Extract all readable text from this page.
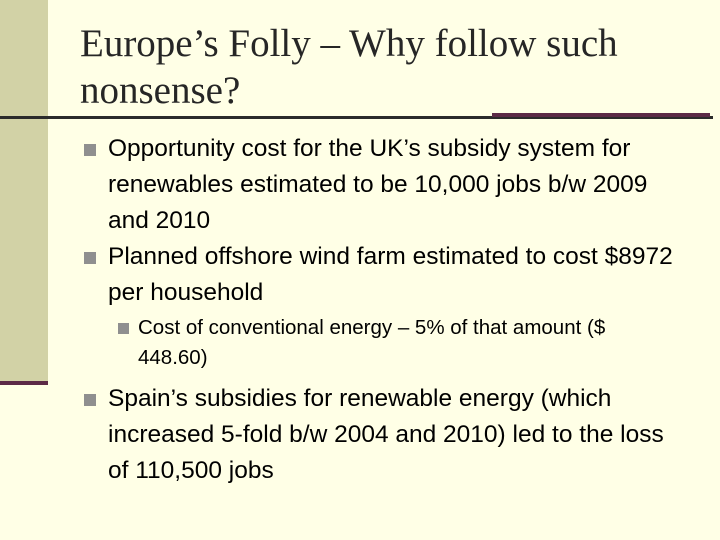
Europe’s Folly – Why follow such nonsense?
Opportunity cost for the UK’s subsidy system for renewables estimated to be 10,000 jobs b/w 2009 and 2010
Planned offshore wind farm estimated to cost $8972 per household
Cost of conventional energy – 5% of that amount ($ 448.60)
Spain’s subsidies for renewable energy (which increased 5-fold b/w 2004 and 2010) led to the loss of 110,500 jobs
